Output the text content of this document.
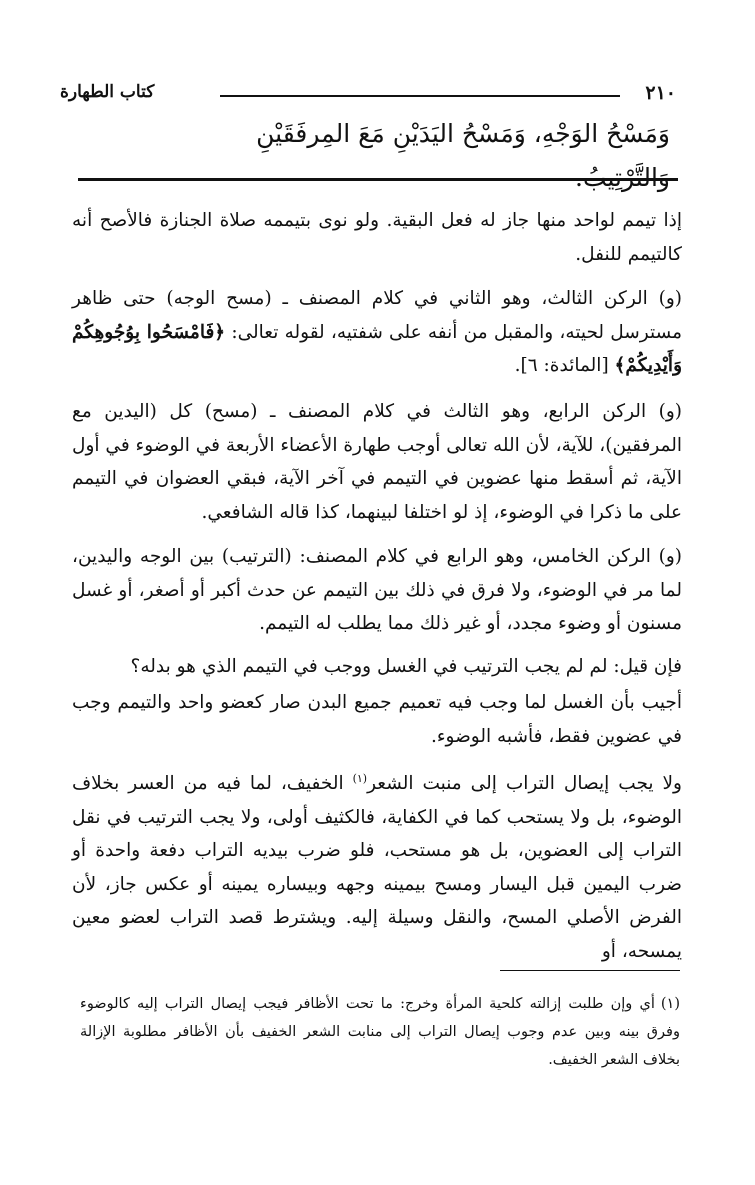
٢١٠
كتاب الطهارة
وَمَسْحُ الوَجْهِ، وَمَسْحُ اليَدَيْنِ مَعَ المِرفَقَيْنِ وَالتَّرْتِيبُ.

إذا تيمم لواحد منها جاز له فعل البقية. ولو نوى بتيممه صلاة الجنازة فالأصح أنه كالتيمم للنفل.

(و) الركن الثالث، وهو الثاني في كلام المصنف ـ (مسح الوجه) حتى ظاهر مسترسل لحيته، والمقبل من أنفه على شفتيه، لقوله تعالى: ﴿فَامْسَحُوا بِوُجُوهِكُمْ وَأَيْدِيكُمْ﴾ [المائدة: ٦].

(و) الركن الرابع، وهو الثالث في كلام المصنف ـ (مسح) كل (اليدين مع المرفقين)، للآية، لأن الله تعالى أوجب طهارة الأعضاء الأربعة في الوضوء في أول الآية، ثم أسقط منها عضوين في التيمم في آخر الآية، فبقي العضوان في التيمم على ما ذكرا في الوضوء، إذ لو اختلفا لبينهما، كذا قاله الشافعي.

(و) الركن الخامس، وهو الرابع في كلام المصنف: (الترتيب) بين الوجه واليدين، لما مر في الوضوء، ولا فرق في ذلك بين التيمم عن حدث أكبر أو أصغر، أو غسل مسنون أو وضوء مجدد، أو غير ذلك مما يطلب له التيمم.

فإن قيل: لم لم يجب الترتيب في الغسل ووجب في التيمم الذي هو بدله؟

أجيب بأن الغسل لما وجب فيه تعميم جميع البدن صار كعضو واحد والتيمم وجب في عضوين فقط، فأشبه الوضوء.

ولا يجب إيصال التراب إلى منبت الشعر$^{(١)}$ الخفيف، لما فيه من العسر بخلاف الوضوء، بل ولا يستحب كما في الكفاية، فالكثيف أولى، ولا يجب الترتيب في نقل التراب إلى العضوين، بل هو مستحب، فلو ضرب بيديه التراب دفعة واحدة أو ضرب اليمين قبل اليسار ومسح بيمينه وجهه وبيساره يمينه أو عكس جاز، لأن الفرض الأصلي المسح، والنقل وسيلة إليه. ويشترط قصد التراب لعضو معين يمسحه، أو

(١)أي وإن طلبت إزالته كلحية المرأة وخرج: ما تحت الأظافر فيجب إيصال التراب إليه كالوضوء وفرق بينه وبين عدم وجوب إيصال التراب إلى منابت الشعر الخفيف بأن الأظافر مطلوبة الإزالة بخلاف الشعر الخفيف.
